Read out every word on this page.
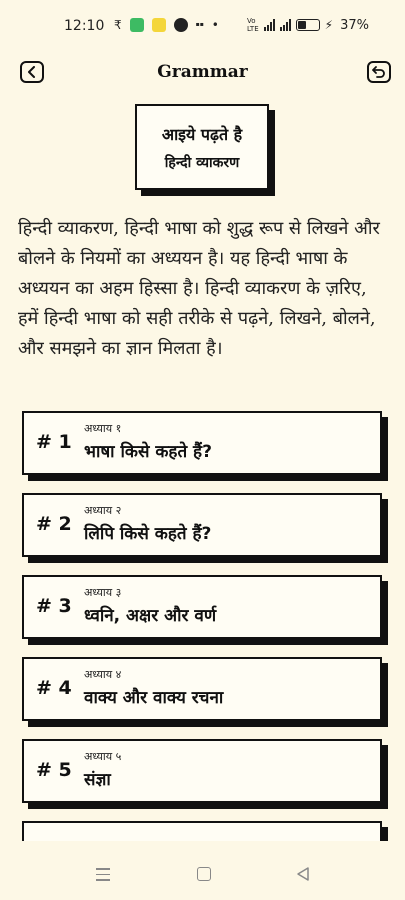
12:10 ₹	▪▪ •	Vo
LTE	⚡ 37%
Grammar
आइये पढ़ते है
हिन्दी व्याकरण

हिन्दी व्याकरण, हिन्दी भाषा को शुद्ध रूप से लिखने और बोलने के नियमों का अध्ययन है। यह हिन्दी भाषा के अध्ययन का अहम हिस्सा है। हिन्दी व्याकरण के ज़रिए, हमें हिन्दी भाषा को सही तरीके से पढ़ने, लिखने, बोलने, और समझने का ज्ञान मिलता है।

# 1
अध्याय १
भाषा किसे कहते हैं?
# 2
अध्याय २
लिपि किसे कहते हैं?
# 3
अध्याय ३
ध्वनि, अक्षर और वर्ण
# 4
अध्याय ४
वाक्य और वाक्य रचना
# 5
अध्याय ५
संज्ञा
